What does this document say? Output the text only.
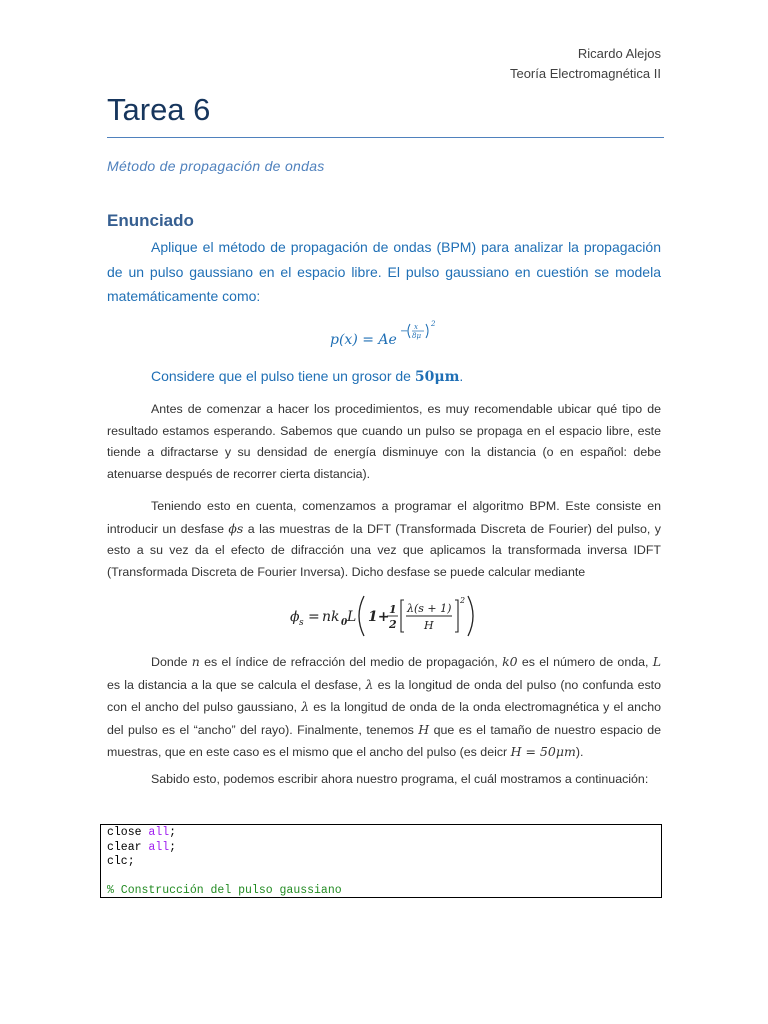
Ricardo Alejos
Teoría Electromagnética II
Tarea 6
Método de propagación de ondas
Enunciado
Aplique el método de propagación de ondas (BPM) para analizar la propagación de un pulso gaussiano en el espacio libre. El pulso gaussiano en cuestión se modela matemáticamente como:
p(x) = Ae
− x
8μ
2
Considere que el pulso tiene un grosor de 50μm.
Antes de comenzar a hacer los procedimientos, es muy recomendable ubicar qué tipo de resultado estamos esperando. Sabemos que cuando un pulso se propaga en el espacio libre, este tiende a difractarse y su densidad de energía disminuye con la distancia (o en español: debe atenuarse después de recorrer cierta distancia).
Teniendo esto en cuenta, comenzamos a programar el algoritmo BPM. Este consiste en introducir un desfase ϕs a las muestras de la DFT (Transformada Discreta de Fourier) del pulso, y esto a su vez da el efecto de difracción una vez que aplicamos la transformada inversa IDFT (Transformada Discreta de Fourier Inversa). Dicho desfase se puede calcular mediante
ϕ s = nk 0 L 1+ 1
2
λ(s + 1)
H
2
Donde n es el índice de refracción del medio de propagación, k0 es el número de onda, L es la distancia a la que se calcula el desfase, λ es la longitud de onda del pulso (no confunda esto con el ancho del pulso gaussiano, λ es la longitud de onda de la onda electromagnética y el ancho del pulso es el “ancho” del rayo). Finalmente, tenemos H que es el tamaño de nuestro espacio de muestras, que en este caso es el mismo que el ancho del pulso (es deicr H = 50μm).
Sabido esto, podemos escribir ahora nuestro programa, el cuál mostramos a continuación:
close all;
clear all;
clc;

% Construcción del pulso gaussiano
